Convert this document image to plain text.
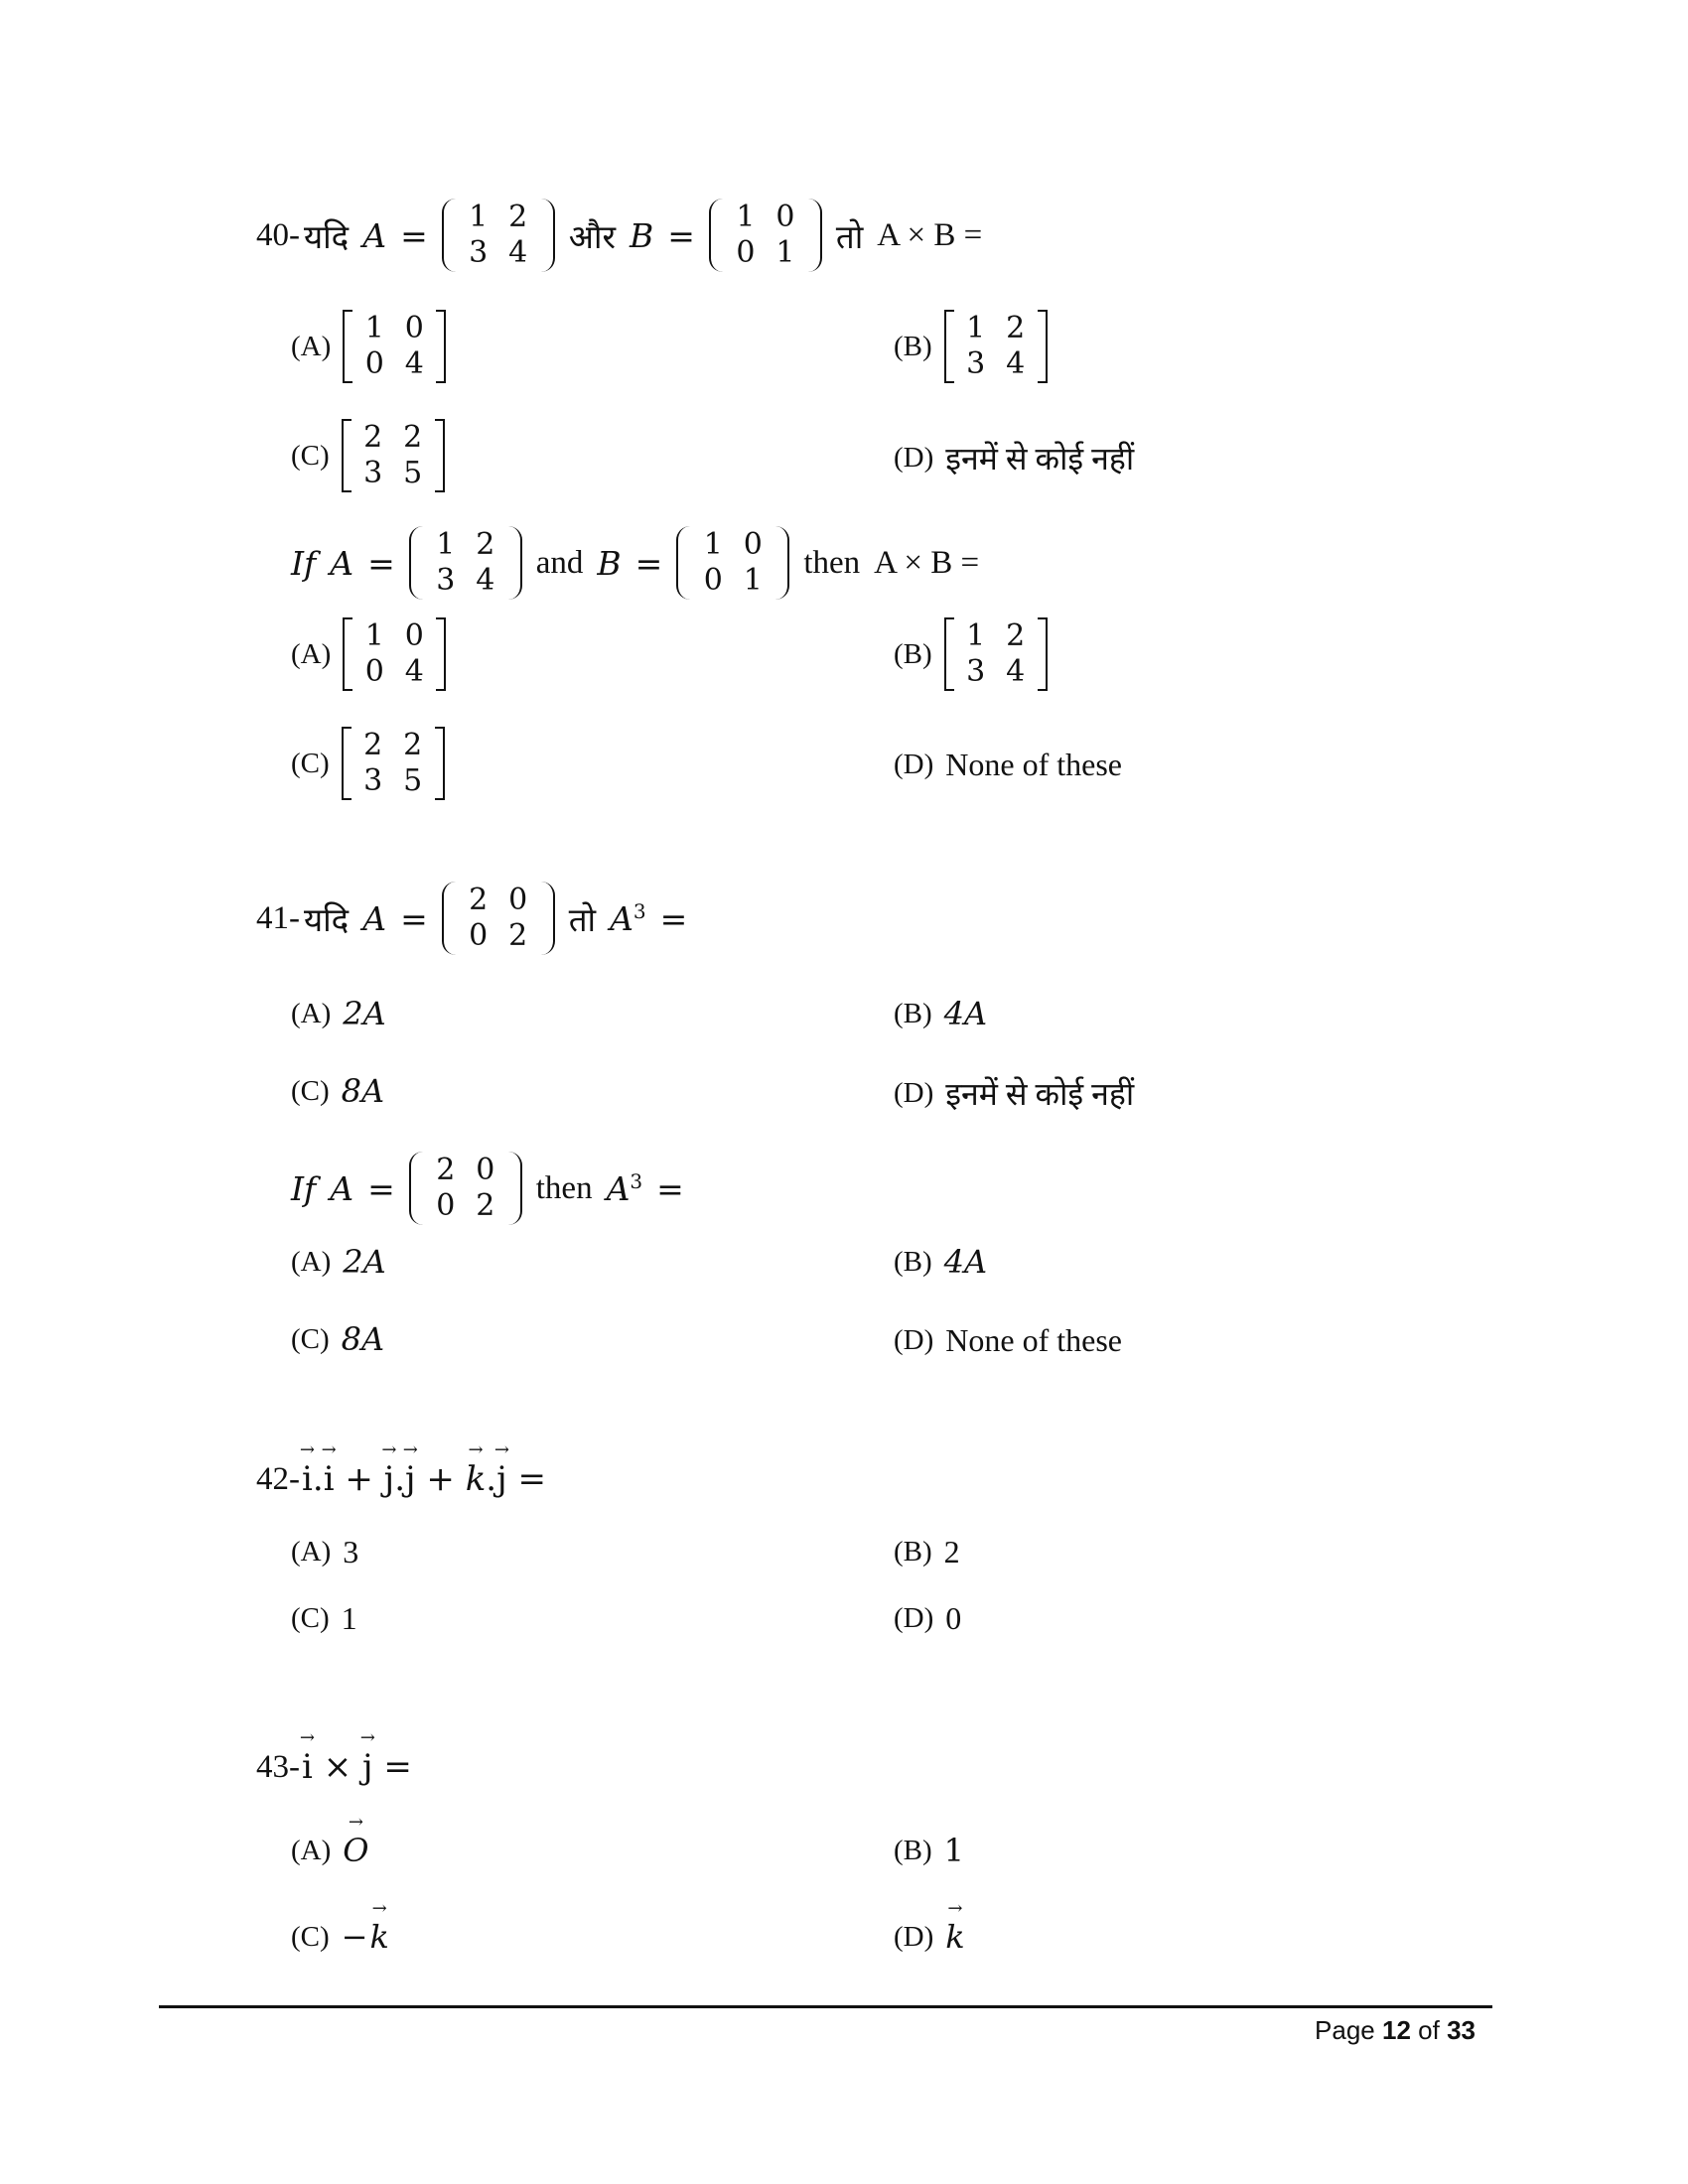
40- यदि A =	1 2
3 4	और B =	1 0
0 1	तो A × B =
(A)
1 0
0 4
(B)
1 2
3 4
(C)
2 2
3 5	(D) इनमें से कोई नहीं
If A =	1 2
3 4	and B =	1 0
0 1	then A × B =
(A)
1 0
0 4
(B)
1 2
3 4
(C)
2 2
3 5	(D) None of these
41- यदि A =	2 0
0 2	तो $A^3$ =
(A) 2A	(B) 4A
(C) 8A	(D) इनमें से कोई नहीं
If A =	2 0
0 2	then $A^3$ =
(A) 2A	(B) 4A
(C) 8A	(D) None of these
42- → i.→ i + → j.→ j + → k.→ j =
(A) 3	(B) 2
(C) 1	(D) 0
43- → i × → j =
(A) → O	(B) 1
(C) − → k	(D) → k
Page 12 of 33
